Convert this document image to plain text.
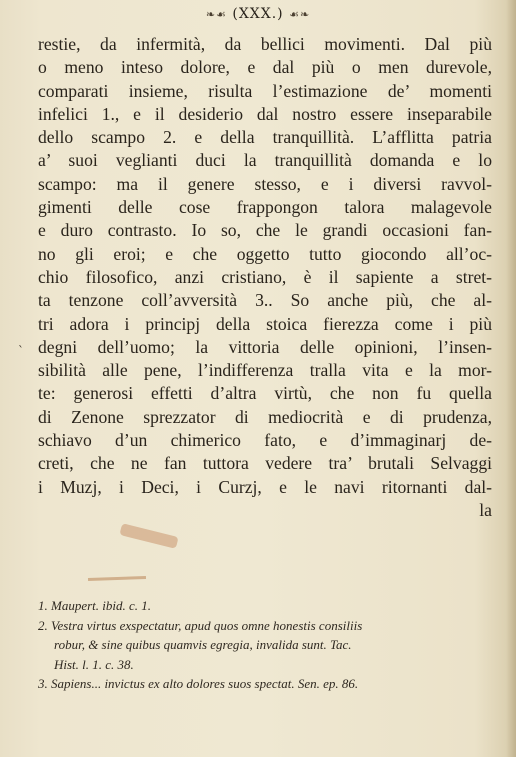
❧☙ (XXX.) ☙❧
restie, da infermità, da bellici movimenti. Dal più
o meno inteso dolore, e dal più o men durevole,
comparati insieme, risulta l’estimazione de’ momenti
infelici 1., e il desiderio dal nostro essere inseparabile
dello scampo 2. e della tranquillità. L’afflitta patria
a’ suoi veglianti duci la tranquillità domanda e lo
scampo: ma il genere stesso, e i diversi ravvol-
gimenti delle cose frappongon talora malagevole
e duro contrasto. Io so, che le grandi occasioni fan-
no gli eroi; e che oggetto tutto giocondo all’oc-
chio filosofico, anzi cristiano, è il sapiente a stret-
ta tenzone coll’avversità 3.. So anche più, che al-
tri adora i principj della stoica fierezza come i più
degni dell’uomo; la vittoria delle opinioni, l’insen-
sibilità alle pene, l’indifferenza tralla vita e la mor-
te: generosi effetti d’altra virtù, che non fu quella
di Zenone sprezzator di mediocrità e di prudenza,
schiavo d’un chimerico fato, e d’immaginarj de-
creti, che ne fan tuttora vedere tra’ brutali Selvaggi
i Muzj, i Deci, i Curzj, e le navi ritornanti dal-
la
`
1. Maupert. ibid. c. 1.
2. Vestra virtus exspectatur, apud quos omne honestis consiliis
robur, & sine quibus quamvis egregia, invalida sunt. Tac.
Hist. l. 1. c. 38.
3. Sapiens... invictus ex alto dolores suos spectat. Sen. ep. 86.
